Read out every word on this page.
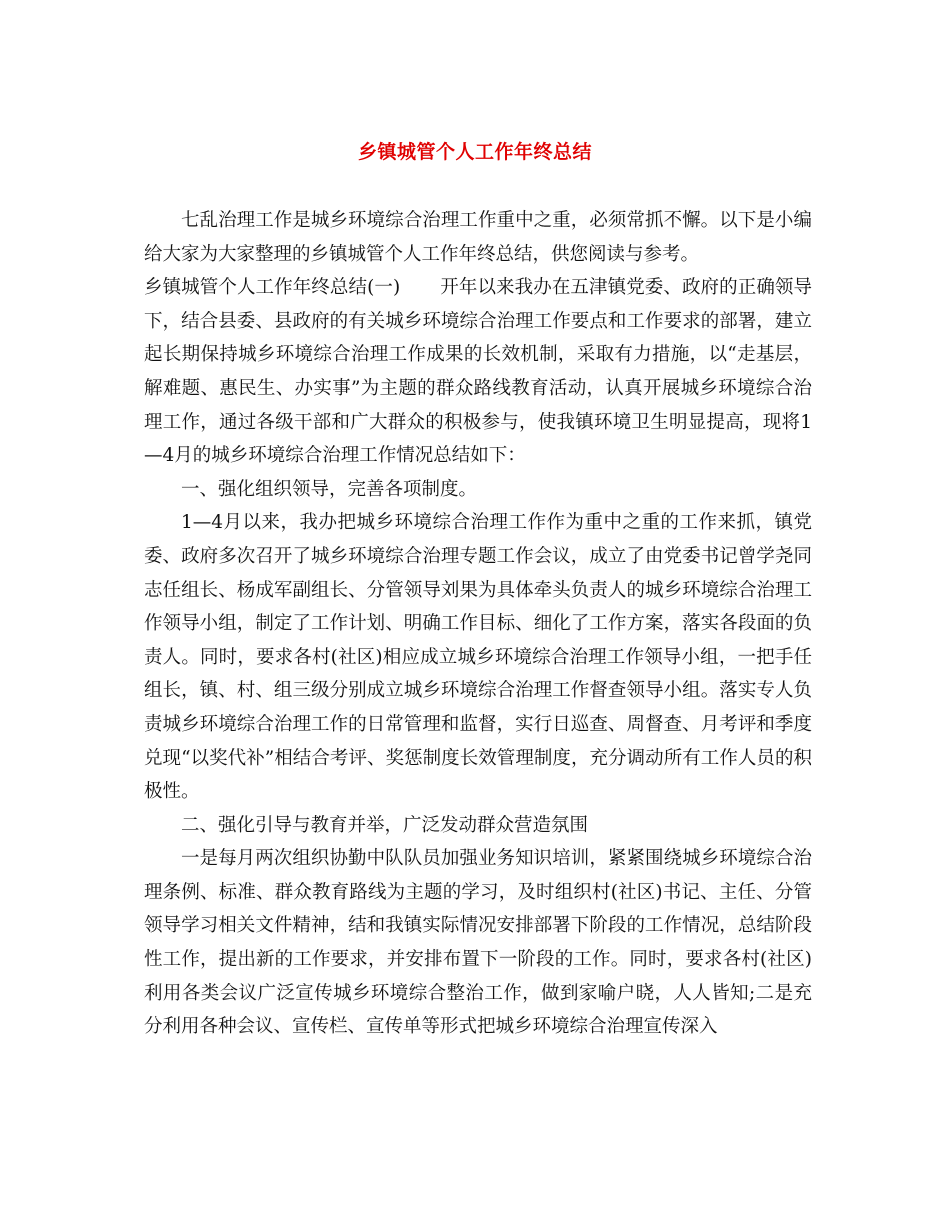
乡镇城管个人工作年终总结

七乱治理工作是城乡环境综合治理工作重中之重，必须常抓不懈。以下是小编给大家为大家整理的乡镇城管个人工作年终总结，供您阅读与参考。

乡镇城管个人工作年终总结(一) 开年以来我办在五津镇党委、政府的正确领导下，结合县委、县政府的有关城乡环境综合治理工作要点和工作要求的部署，建立起长期保持城乡环境综合治理工作成果的长效机制，采取有力措施，以“走基层，解难题、惠民生、办实事”为主题的群众路线教育活动，认真开展城乡环境综合治理工作，通过各级干部和广大群众的积极参与，使我镇环境卫生明显提高，现将1—4月的城乡环境综合治理工作情况总结如下：

一、强化组织领导，完善各项制度。

1—4月以来，我办把城乡环境综合治理工作作为重中之重的工作来抓，镇党委、政府多次召开了城乡环境综合治理专题工作会议，成立了由党委书记曾学尧同志任组长、杨成军副组长、分管领导刘果为具体牵头负责人的城乡环境综合治理工作领导小组，制定了工作计划、明确工作目标、细化了工作方案，落实各段面的负责人。同时，要求各村(社区)相应成立城乡环境综合治理工作领导小组，一把手任组长，镇、村、组三级分别成立城乡环境综合治理工作督查领导小组。落实专人负责城乡环境综合治理工作的日常管理和监督，实行日巡查、周督查、月考评和季度兑现“以奖代补”相结合考评、奖惩制度长效管理制度，充分调动所有工作人员的积极性。

二、强化引导与教育并举，广泛发动群众营造氛围

一是每月两次组织协勤中队队员加强业务知识培训，紧紧围绕城乡环境综合治理条例、标准、群众教育路线为主题的学习，及时组织村(社区)书记、主任、分管领导学习相关文件精神，结和我镇实际情况安排部署下阶段的工作情况，总结阶段性工作，提出新的工作要求，并安排布置下一阶段的工作。同时，要求各村(社区)利用各类会议广泛宣传城乡环境综合整治工作，做到家喻户晓，人人皆知;二是充分利用各种会议、宣传栏、宣传单等形式把城乡环境综合治理宣传深入
